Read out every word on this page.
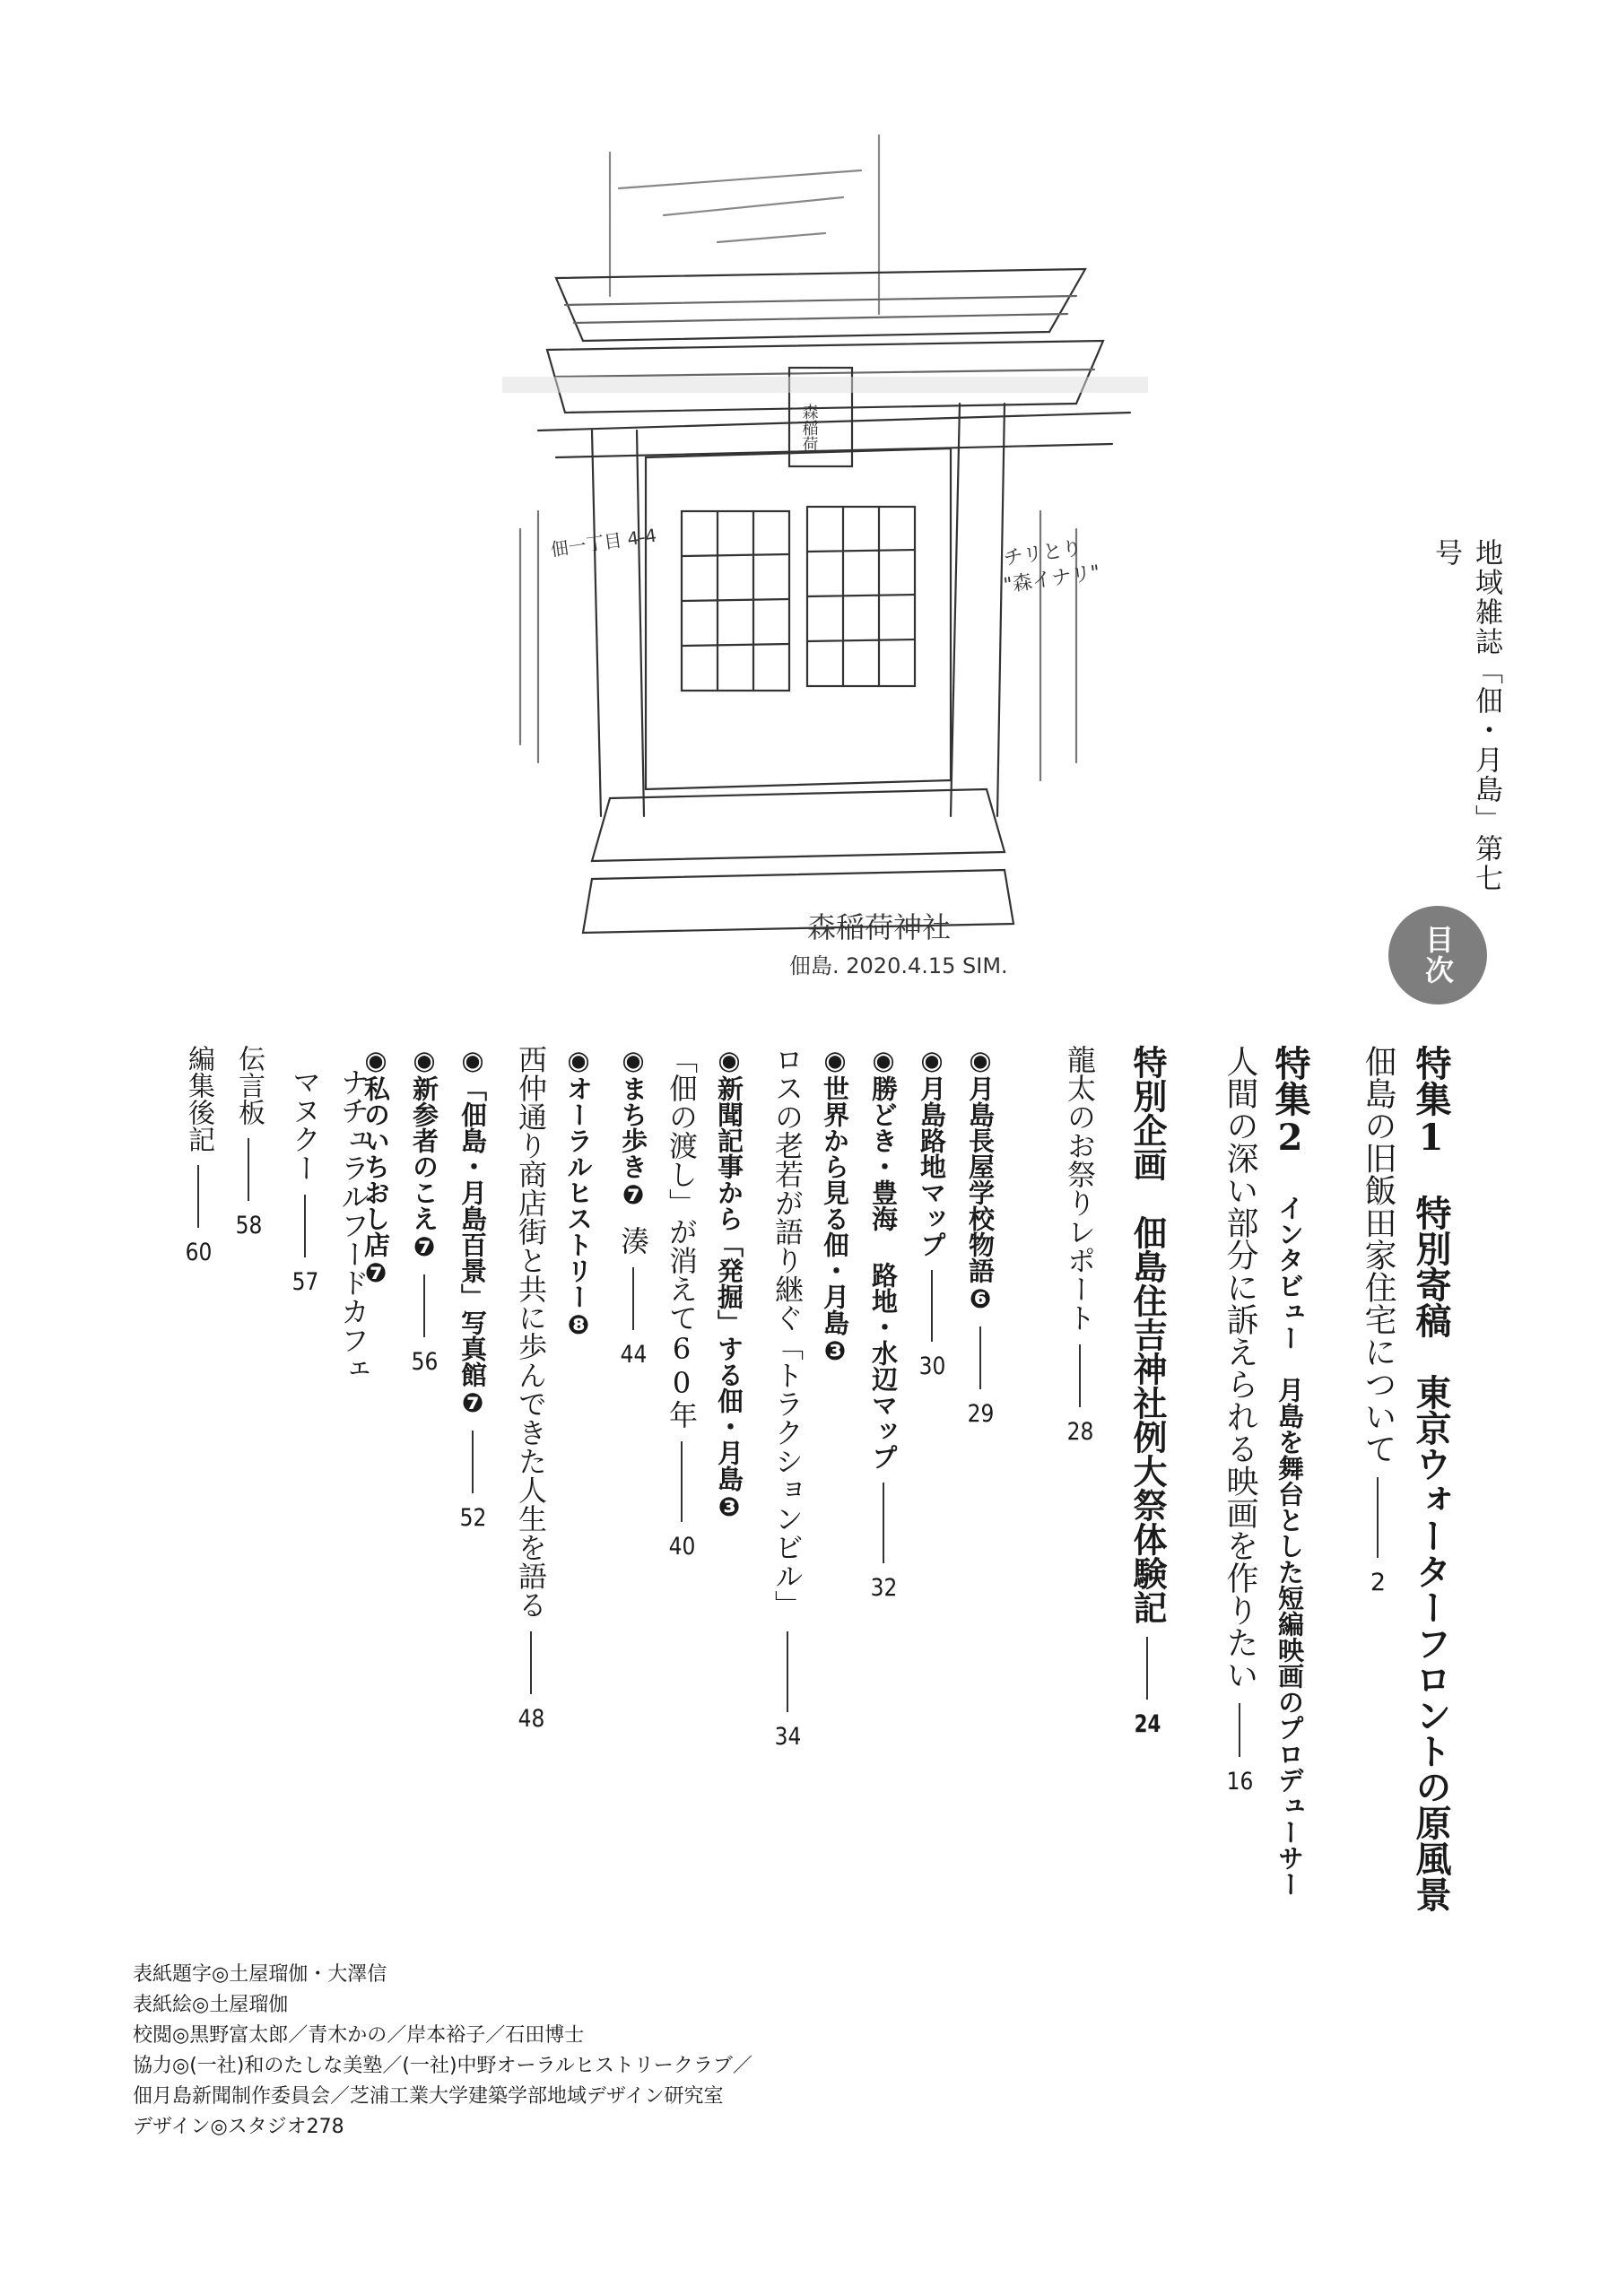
森稲荷
佃一丁目 4-4	チリとり
"森イナリ"
森稲荷神社
佃島. 2020.4.15 SIM.
地域雑誌「佃・月島」第七号
目次
特集1　特別寄稿　東京ウォーターフロントの原風景
佃島の旧飯田家住宅について2
特集2インタビュー　月島を舞台とした短編映画のプロデューサー
人間の深い部分に訴えられる映画を作りたい16
特別企画　佃島住吉神社例大祭体験記24
龍太のお祭りレポート28
◉月島長屋学校物語❻29
◉月島路地マップ30
◉勝どき・豊海 路地・水辺マップ32
◉世界から見る佃・月島❸
ロスの老若が語り継ぐ「トラクションビル」34
◉新聞記事から「発掘」する佃・月島❸
「佃の渡し」が消えて60年40
◉まち歩き❼湊44
◉オーラルヒストリー❽
西仲通り商店街と共に歩んできた人生を語る48
◉「佃島・月島百景」写真館❼52
◉新参者のこえ❼56
◉私のいちおし店❼
ナチュラルフードカフェ
マヌクー57
伝言板58
編集後記60
表紙題字◎土屋瑠伽・大澤信
表紙絵◎土屋瑠伽
校閲◎黒野富太郎／青木かの／岸本裕子／石田博士
協力◎(一社)和のたしな美塾／(一社)中野オーラルヒストリークラブ／
佃月島新聞制作委員会／芝浦工業大学建築学部地域デザイン研究室
デザイン◎スタジオ278
